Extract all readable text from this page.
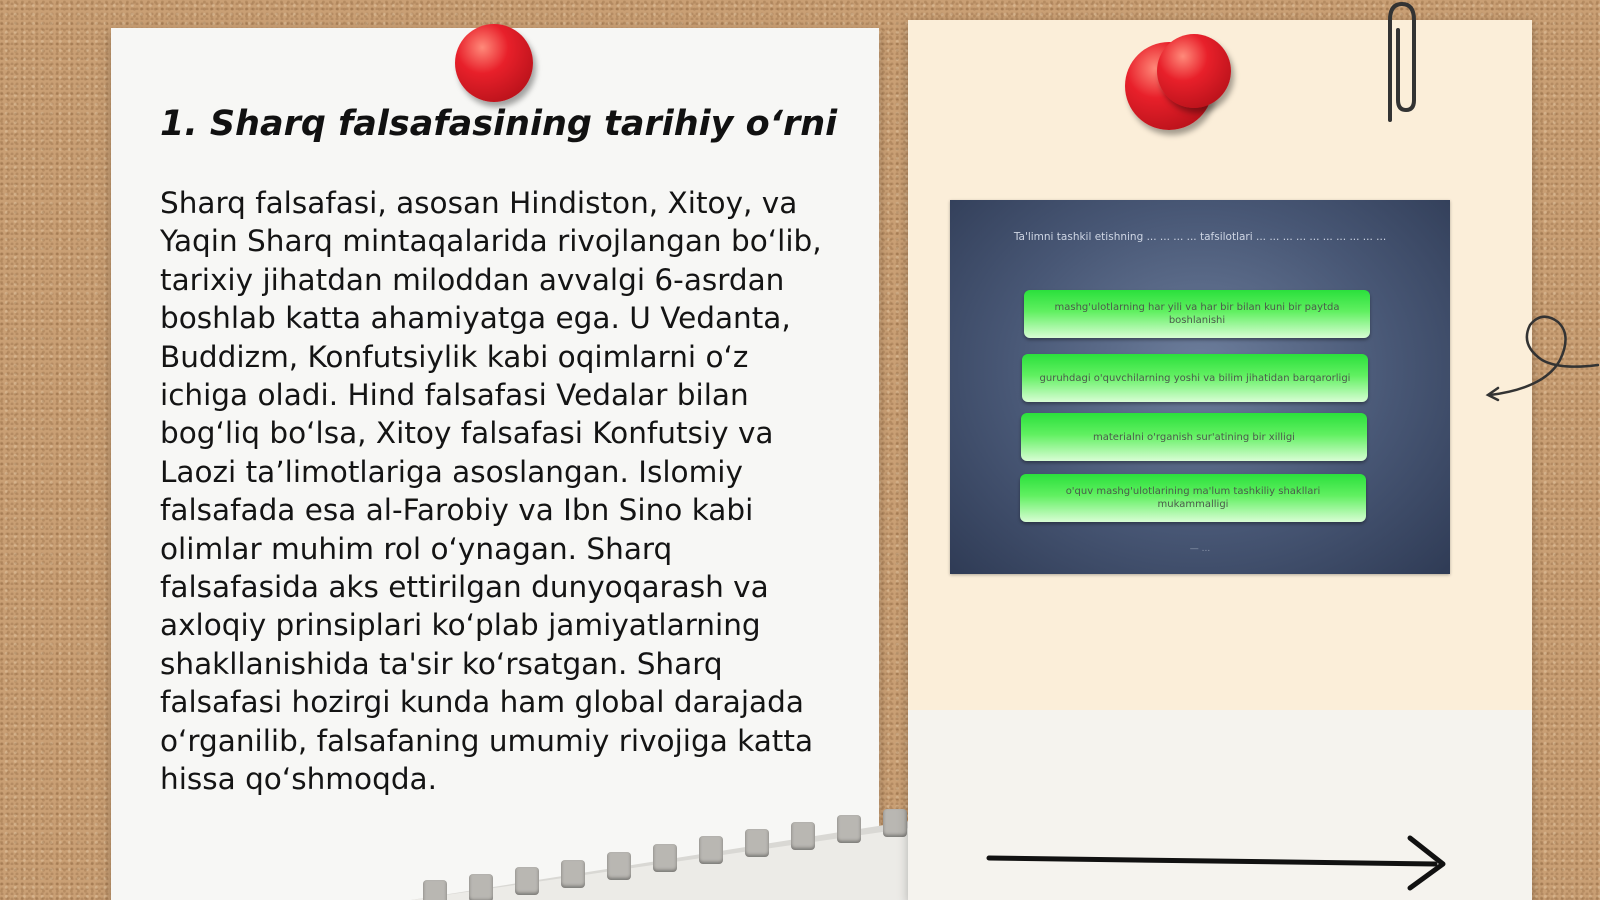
1. Sharq falsafasining tarihiy o‘rni

Sharq falsafasi, asosan Hindiston, Xitoy, va Yaqin Sharq mintaqalarida rivojlangan bo‘lib, tarixiy jihatdan miloddan avvalgi 6-asrdan boshlab katta ahamiyatga ega. U Vedanta, Buddizm, Konfutsiylik kabi oqimlarni o‘z ichiga oladi. Hind falsafasi Vedalar bilan bog‘liq bo‘lsa, Xitoy falsafasi Konfutsiy va Laozi ta’limotlariga asoslangan. Islomiy falsafada esa al-Farobiy va Ibn Sino kabi olimlar muhim rol o‘ynagan. Sharq falsafasida aks ettirilgan dunyoqarash va axloqiy prinsiplari ko‘plab jamiyatlarning shakllanishida ta'sir ko‘rsatgan. Sharq falsafasi hozirgi kunda ham global darajada o‘rganilib, falsafaning umumiy rivojiga katta hissa qo‘shmoqda.

Ta'limni tashkil etishning ... ... ... ... tafsilotlari ... ... ... ... ... ... ... ... ... ...
mashg'ulotlarning har yili va har bir bilan kuni bir paytda boshlanishi
guruhdagi o'quvchilarning yoshi va bilim jihatidan barqarorligi
materialni o'rganish sur'atining bir xilligi
o'quv mashg'ulotlarining ma'lum tashkiliy shakllari mukammalligi
— ...
